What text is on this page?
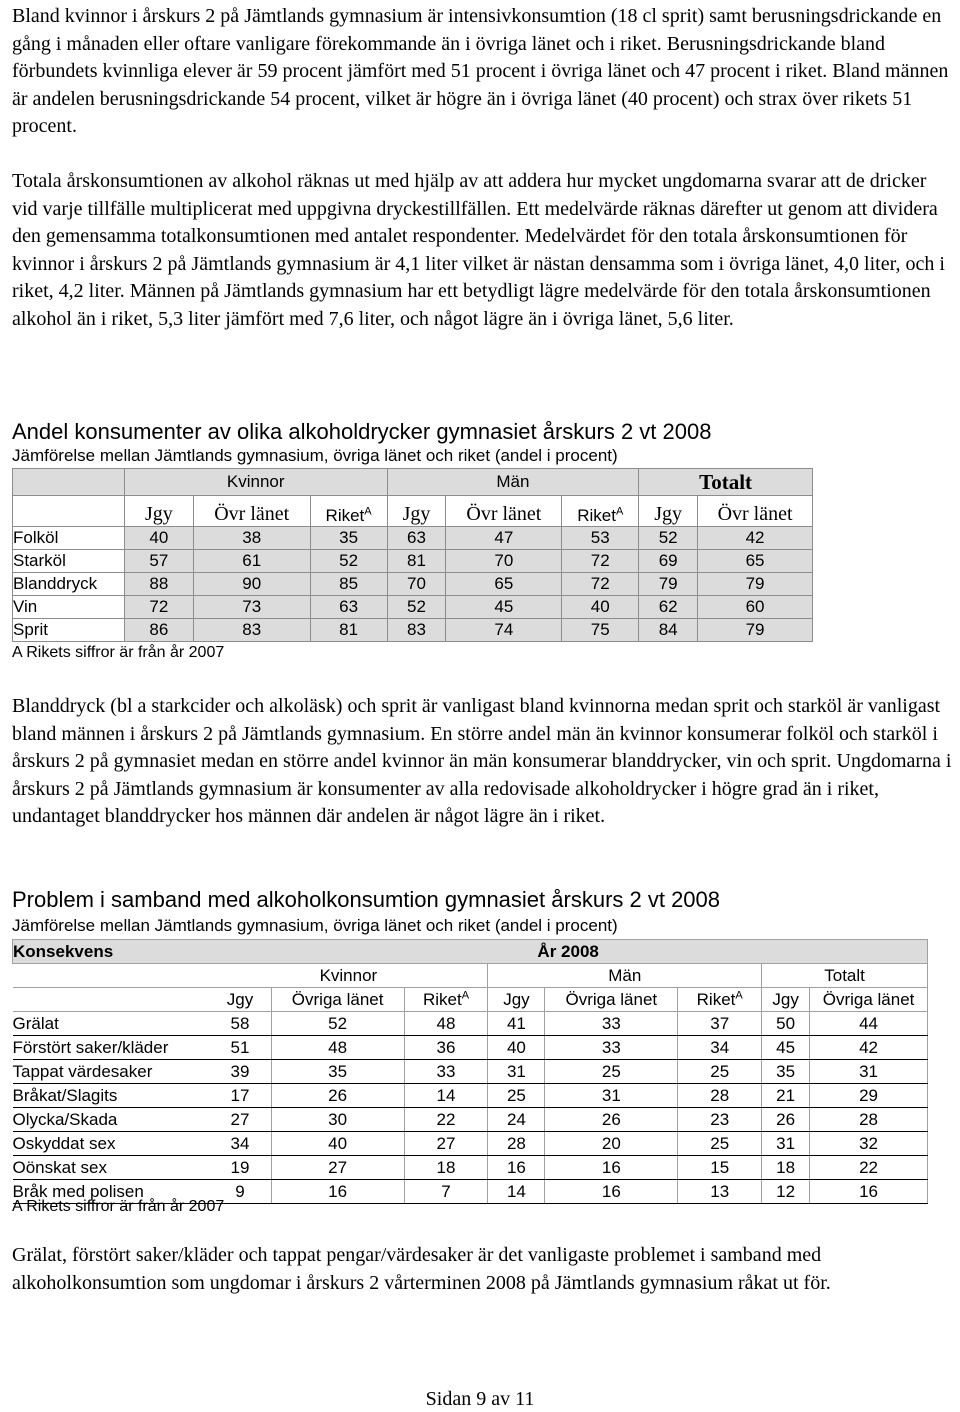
Bland kvinnor i årskurs 2 på Jämtlands gymnasium är intensivkonsumtion (18 cl sprit) samt berusningsdrickande en gång i månaden eller oftare vanligare förekommande än i övriga länet och i riket. Berusningsdrickande bland förbundets kvinnliga elever är 59 procent jämfört med 51 procent i övriga länet och 47 procent i riket. Bland männen är andelen berusningsdrickande 54 procent, vilket är högre än i övriga länet (40 procent) och strax över rikets 51 procent.

Totala årskonsumtionen av alkohol räknas ut med hjälp av att addera hur mycket ungdomarna svarar att de dricker vid varje tillfälle multiplicerat med uppgivna dryckestillfällen. Ett medelvärde räknas därefter ut genom att dividera den gemensamma totalkonsumtionen med antalet respondenter. Medelvärdet för den totala årskonsumtionen för kvinnor i årskurs 2 på Jämtlands gymnasium är 4,1 liter vilket är nästan densamma som i övriga länet, 4,0 liter, och i riket, 4,2 liter. Männen på Jämtlands gymnasium har ett betydligt lägre medelvärde för den totala årskonsumtionen alkohol än i riket, 5,3 liter jämfört med 7,6 liter, och något lägre än i övriga länet, 5,6 liter.

Andel konsumenter av olika alkoholdrycker gymnasiet årskurs 2 vt 2008

Jämförelse mellan Jämtlands gymnasium, övriga länet och riket (andel i procent)

	Kvinnor			Män			Totalt	
	Jgy	Övr länet	Riket$^A$	Jgy	Övr länet	Riket$^A$	Jgy	Övr länet
Folköl	40	38	35	63	47	53	52	42
Starköl	57	61	52	81	70	72	69	65
Blanddryck	88	90	85	70	65	72	79	79
Vin	72	73	63	52	45	40	62	60
Sprit	86	83	81	83	74	75	84	79

A Rikets siffror är från år 2007

Blanddryck (bl a starkcider och alkoläsk) och sprit är vanligast bland kvinnorna medan sprit och starköl är vanligast bland männen i årskurs 2 på Jämtlands gymnasium. En större andel män än kvinnor konsumerar folköl och starköl i årskurs 2 på gymnasiet medan en större andel kvinnor än män konsumerar blanddrycker, vin och sprit. Ungdomarna i årskurs 2 på Jämtlands gymnasium är konsumenter av alla redovisade alkoholdrycker i högre grad än i riket, undantaget blanddrycker hos männen där andelen är något lägre än i riket.

Problem i samband med alkoholkonsumtion gymnasiet årskurs 2 vt 2008

Jämförelse mellan Jämtlands gymnasium, övriga länet och riket (andel i procent)

Konsekvens	År 2008							
	Kvinnor			Män			Totalt	
	Jgy	Övriga länet	Riket$^A$	Jgy	Övriga länet	Riket$^A$	Jgy	Övriga länet
Grälat	58	52	48	41	33	37	50	44
Förstört saker/kläder	51	48	36	40	33	34	45	42
Tappat värdesaker	39	35	33	31	25	25	35	31
Bråkat/Slagits	17	26	14	25	31	28	21	29
Olycka/Skada	27	30	22	24	26	23	26	28
Oskyddat sex	34	40	27	28	20	25	31	32
Oönskat sex	19	27	18	16	16	15	18	22
Bråk med polisen	9	16	7	14	16	13	12	16

A Rikets siffror är från år 2007

Grälat, förstört saker/kläder och tappat pengar/värdesaker är det vanligaste problemet i samband med alkoholkonsumtion som ungdomar i årskurs 2 vårterminen 2008 på Jämtlands gymnasium råkat ut för.

Sidan 9 av 11
